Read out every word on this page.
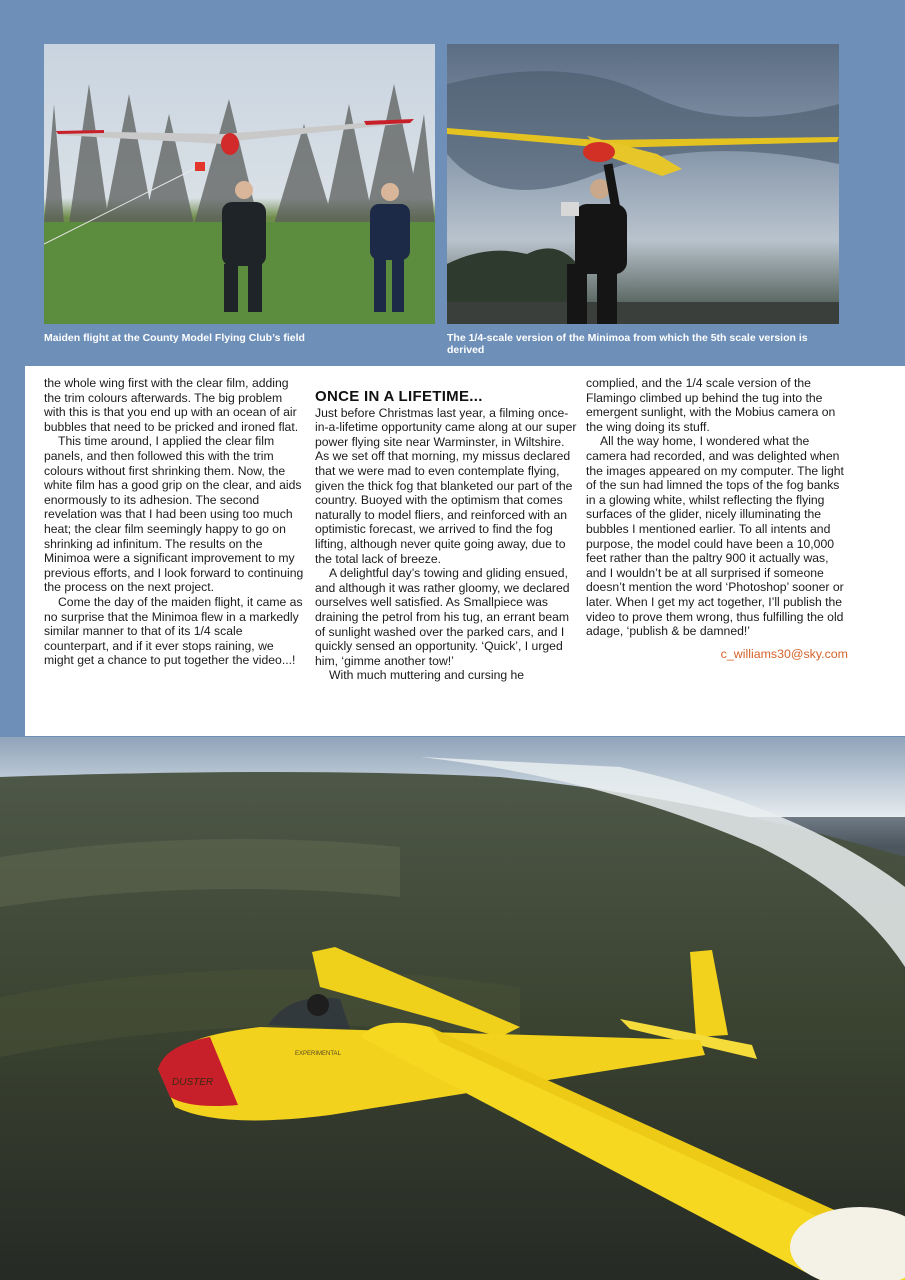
Maiden flight at the County Model Flying Club’s field	The 1/4-scale version of the Minimoa from which the 5th scale version is derived

the whole wing first with the clear film, adding the trim colours afterwards. The big problem with this is that you end up with an ocean of air bubbles that need to be pricked and ironed flat.

This time around, I applied the clear film panels, and then followed this with the trim colours without first shrinking them. Now, the white film has a good grip on the clear, and aids enormously to its adhesion. The second revelation was that I had been using too much heat; the clear film seemingly happy to go on shrinking ad infinitum. The results on the Minimoa were a significant improvement to my previous efforts, and I look forward to continuing the process on the next project.

Come the day of the maiden flight, it came as no surprise that the Minimoa flew in a markedly similar manner to that of its 1/4 scale counterpart, and if it ever stops raining, we might get a chance to put together the video...!

ONCE IN A LIFETIME...

Just before Christmas last year, a filming once-in-a-lifetime opportunity came along at our super power flying site near Warminster, in Wiltshire. As we set off that morning, my missus declared that we were mad to even contemplate flying, given the thick fog that blanketed our part of the country. Buoyed with the optimism that comes naturally to model fliers, and reinforced with an optimistic forecast, we arrived to find the fog lifting, although never quite going away, due to the total lack of breeze.

A delightful day’s towing and gliding ensued, and although it was rather gloomy, we declared ourselves well satisfied. As Smallpiece was draining the petrol from his tug, an errant beam of sunlight washed over the parked cars, and I quickly sensed an opportunity. ‘Quick’, I urged him, ‘gimme another tow!’

With much muttering and cursing he

complied, and the 1/4 scale version of the Flamingo climbed up behind the tug into the emergent sunlight, with the Mobius camera on the wing doing its stuff.

All the way home, I wondered what the camera had recorded, and was delighted when the images appeared on my computer. The light of the sun had limned the tops of the fog banks in a glowing white, whilst reflecting the flying surfaces of the glider, nicely illuminating the bubbles I mentioned earlier. To all intents and purpose, the model could have been a 10,000 feet rather than the paltry 900 it actually was, and I wouldn’t be at all surprised if someone doesn’t mention the word ‘Photoshop’ sooner or later. When I get my act together, I’ll publish the video to prove them wrong, thus fulfilling the old adage, ‘publish & be damned!’

c_williams30@sky.com
DUSTER
EXPERIMENTAL
